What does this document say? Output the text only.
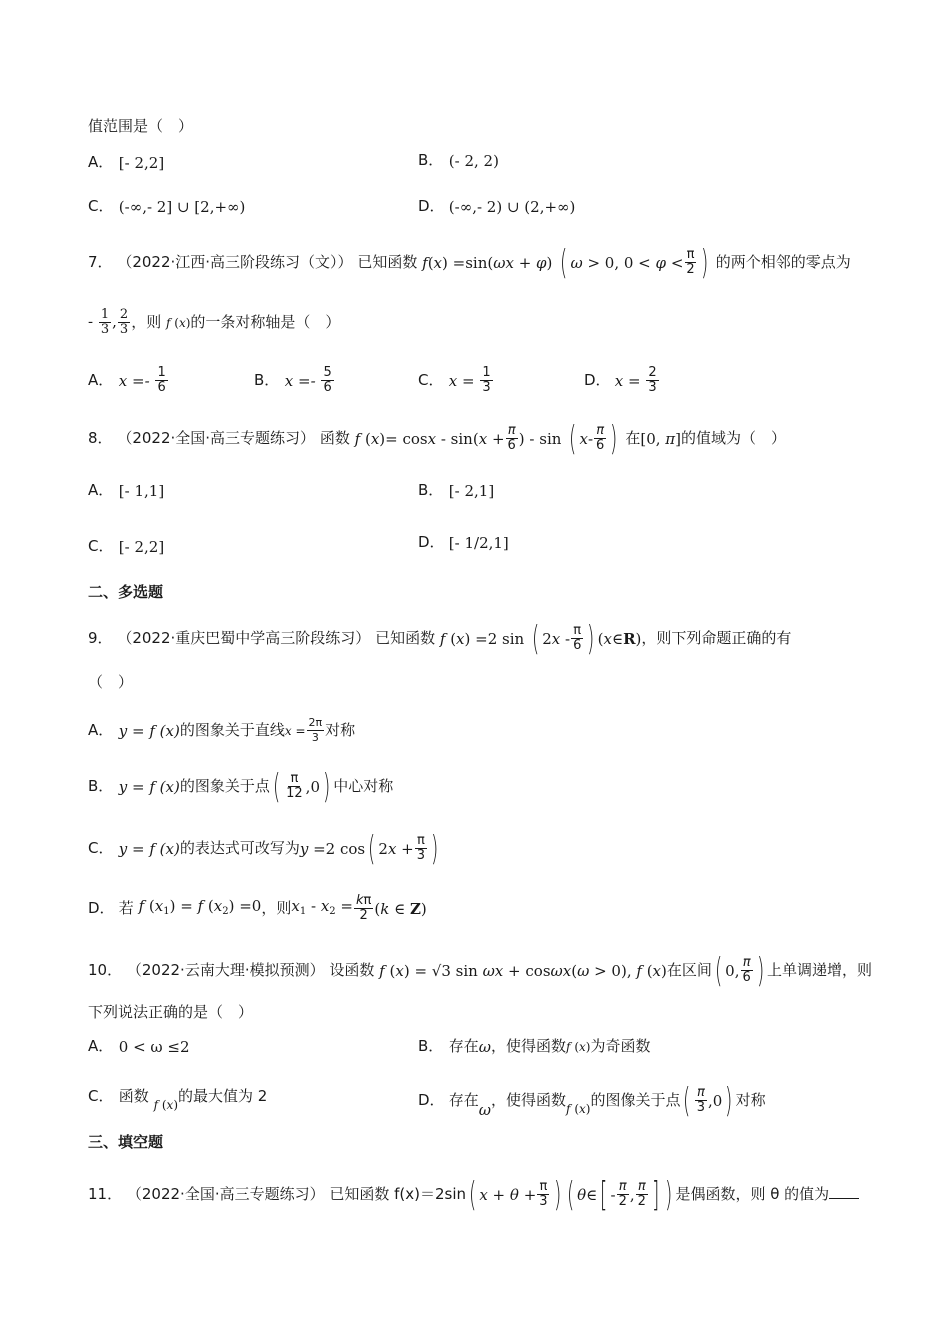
值范围是（　）
A． [- 2,2]	B． (- 2, 2)
C． (-∞,- 2] ∪ [2,+∞)	D． (-∞,- 2) ∪ (2,+∞)
7． （2022·江西·高三阶段练习（文）） 已知函数 f(x) =sin(ωx + φ) ( ω > 0, $0 < \varphi < \frac{\pi}{2}$ ) 的两个相邻的零点为
- $\frac{1}{3}$ , $\frac{2}{3}$ ，则 f (x)的一条对称轴是（　）
A． $x =- \frac{1}{6}$	B． $x =- \frac{5}{6}$	C． $x = \frac{1}{3}$	D． $x = \frac{2}{3}$
8． （2022·全国·高三专题练习） 函数 f $(x)= \cos x - \sin(x + \frac{\pi}{6}$ ) - sin ( $x- \frac{\pi}{6}$ ) 在[0, π]的值域为（　）
A． [- 1,1]	B． [- 2,1]
C． [- 2,2]	D． [- 1/2,1]
二、多选题
9． （2022·重庆巴蜀中学高三阶段练习） 已知函数 f (x) =2 sin ( $2x - \frac{\pi}{6}$ ) (x∈R)，则下列命题正确的有
（　）
A． y = f (x)的图象关于直线$x = \frac{2\pi}{3}$ 对称
B． y = f (x)的图象关于点( $\frac{\pi}{12} ,0$) 中心对称
C． y = f (x)的表达式可改写为y =2 cos( $2x + \frac{\pi}{3}$ )
D． 若 f $(x_1) = f$ $(x_2) =0$，则$x_1 - x_2 = \frac{k\pi}{2} (k$ ∈ Z)
10． （2022·云南大理·模拟预测） 设函数 f (x) = √3 sin ωx + cosωx(ω > 0), f (x)在区间( 0, $\frac{\pi}{6}$ ) 上单调递增，则
下列说法正确的是（　）
A． 0 < ω ≤2	B． 存在ω，使得函数f (x)为奇函数
C． 函数 f (x)的最大值为 2	D． 存在ω，使得函数f (x)的图像关于点( $\frac{\pi}{3} ,0$) 对称
三、填空题
11． （2022·全国·高三专题练习） 已知函数 f(x)＝2sin( $x + \theta + \frac{\pi}{3}$ ) ( θ∈[ - $\frac{\pi}{2}$ , $\frac{\pi}{2}$ ] ) 是偶函数，则 θ 的值为
